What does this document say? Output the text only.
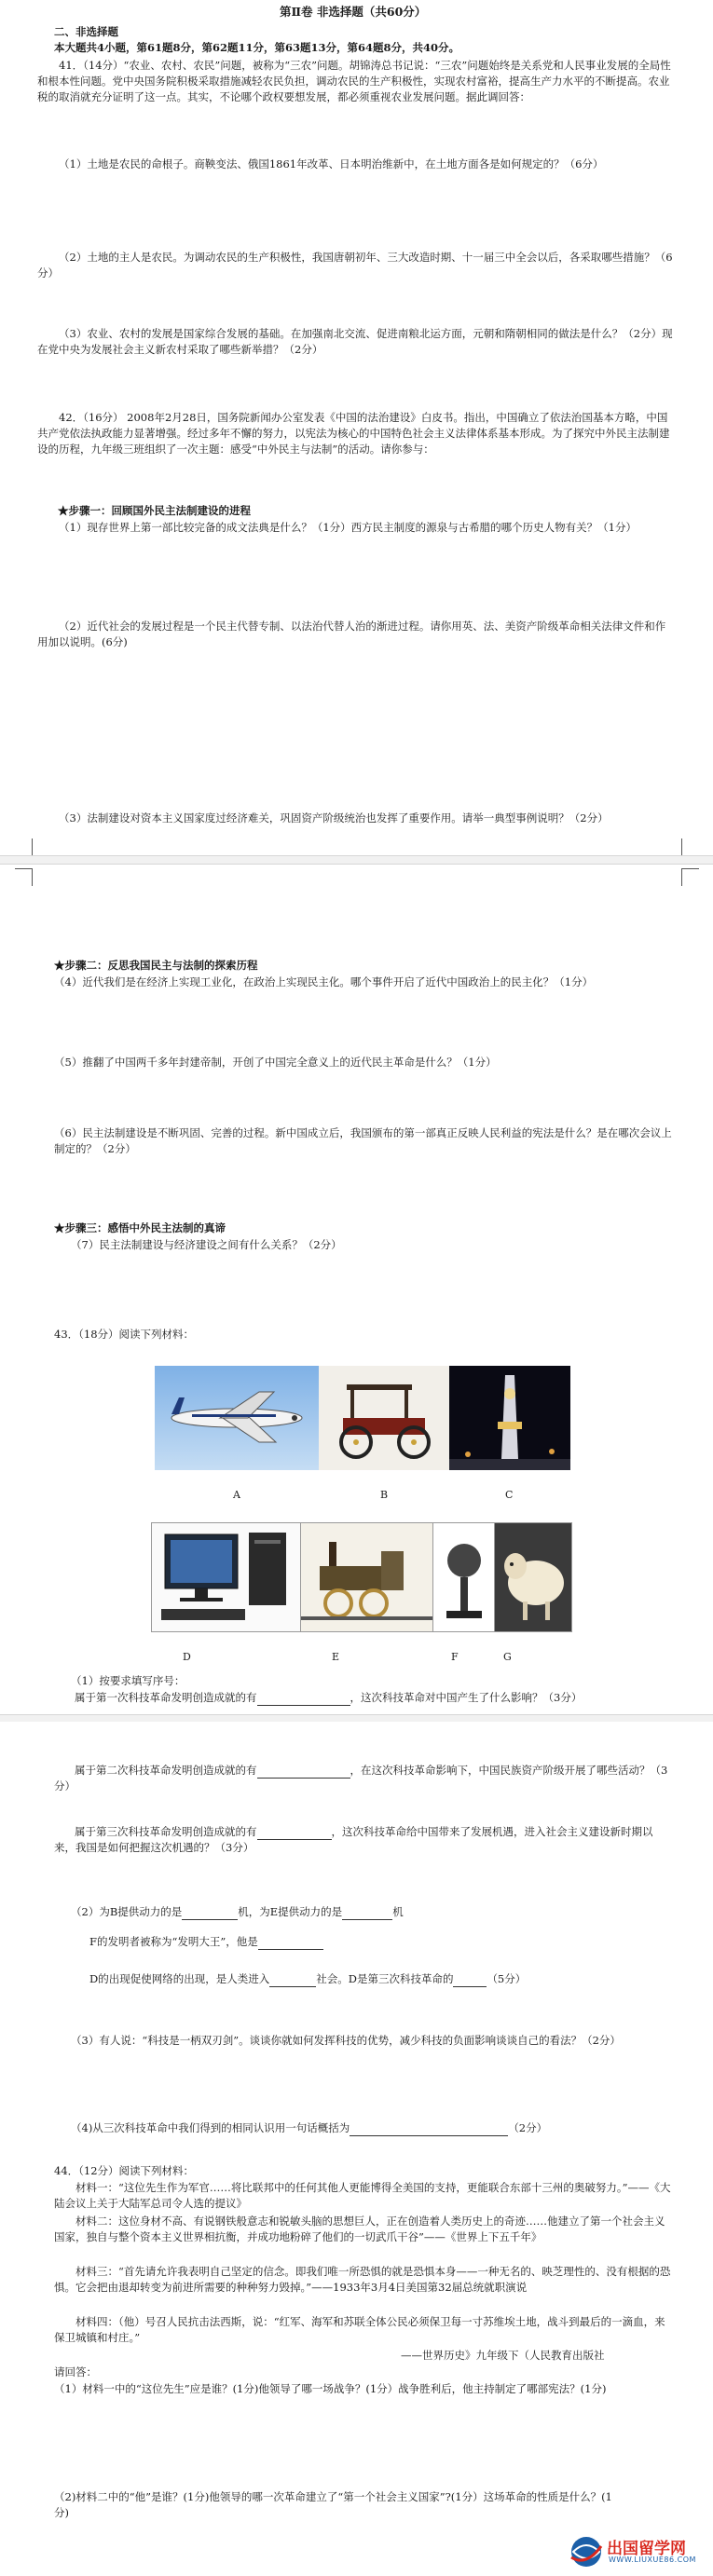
第Ⅱ卷 非选择题（共60分）
二、非选择题
本大题共4小题，第61题8分，第62题11分，第63题13分，第64题8分，共40分。
41．（14分）“农业、农村、农民”问题，被称为“三农”问题。胡锦涛总书记说：“三农”问题始终是关系党和人民事业发展的全局性和根本性问题。党中央国务院积极采取措施减轻农民负担，调动农民的生产积极性，实现农村富裕，提高生产力水平的不断提高。农业税的取消就充分证明了这一点。其实，不论哪个政权要想发展，都必须重视农业发展问题。据此调回答：
（1）土地是农民的命根子。商鞅变法、俄国1861年改革、日本明治维新中，在土地方面各是如何规定的？（6分）
（2）土地的主人是农民。为调动农民的生产积极性，我国唐朝初年、三大改造时期、十一届三中全会以后，各采取哪些措施？（6分）
（3）农业、农村的发展是国家综合发展的基础。在加强南北交流、促进南粮北运方面，元朝和隋朝相同的做法是什么？（2分）现在党中央为发展社会主义新农村采取了哪些新举措？（2分）
42．（16分） 2008年2月28日，国务院新闻办公室发表《中国的法治建设》白皮书。指出，中国确立了依法治国基本方略，中国共产党依法执政能力显著增强。经过多年不懈的努力，以宪法为核心的中国特色社会主义法律体系基本形成。为了探究中外民主法制建设的历程，九年级三班组织了一次主题：感受“中外民主与法制”的活动。请你参与：
★步骤一：回顾国外民主法制建设的进程
（1）现存世界上第一部比较完备的成文法典是什么？（1分）西方民主制度的源泉与古希腊的哪个历史人物有关？（1分）
（2）近代社会的发展过程是一个民主代替专制、以法治代替人治的渐进过程。请你用英、法、美资产阶级革命相关法律文件和作用加以说明。(6分)
（3）法制建设对资本主义国家度过经济难关，巩固资产阶级统治也发挥了重要作用。请举一典型事例说明？（2分）
★步骤二：反思我国民主与法制的探索历程
（4）近代我们是在经济上实现工业化，在政治上实现民主化。哪个事件开启了近代中国政治上的民主化？（1分）
（5）推翻了中国两千多年封建帝制，开创了中国完全意义上的近代民主革命是什么？（1分）
（6）民主法制建设是不断巩固、完善的过程。新中国成立后，我国颁布的第一部真正反映人民利益的宪法是什么？是在哪次会议上制定的？（2分）
★步骤三：感悟中外民主法制的真谛
（7）民主法制建设与经济建设之间有什么关系？（2分）
43．（18分）阅读下列材料：
A	B	C
D	E	F	G
（1）按要求填写序号：
属于第一次科技革命发明创造成就的有	，这次科技革命对中国产生了什么影响？（3分）
属于第二次科技革命发明创造成就的有	，在这次科技革命影响下，中国民族资产阶级开展了哪些活动？（3分）
属于第三次科技革命发明创造成就的有	，这次科技革命给中国带来了发展机遇，进入社会主义建设新时期以来，我国是如何把握这次机遇的？（3分）
（2）为B提供动力的是	机，为E提供动力的是	机
F的发明者被称为“发明大王”，他是
D的出现促使网络的出现，是人类进入	社会。D是第三次科技革命的	（5分）
（3）有人说：“科技是一柄双刃剑”。谈谈你就如何发挥科技的优势，减少科技的负面影响谈谈自己的看法？（2分）
（4)从三次科技革命中我们得到的相同认识用一句话概括为	（2分）
44．（12分）阅读下列材料：
材料一：“这位先生作为军官……将比联邦中的任何其他人更能博得全美国的支持，更能联合东部十三州的奥破努力。”——《大陆会议上关于大陆军总司令人选的提议》
材料二：这位身材不高、有说钢铁般意志和锐敏头脑的思想巨人，正在创造着人类历史上的奇迹……他建立了第一个社会主义国家，独自与整个资本主义世界相抗衡，并成功地粉碎了他们的一切武爪干谷”——《世界上下五千年》
材料三：“首先请允许我表明自己坚定的信念。即我们唯一所恐惧的就是恐惧本身——一种无名的、映芝理性的、没有根据的恐惧。它会把由退却转变为前进所需要的种种努力毁掉。”——1933年3月4日美国第32届总统就职演说
材料四：（他）号召人民抗击法西斯，说：“红军、海军和苏联全体公民必须保卫每一寸苏维埃土地，战斗到最后的一滴血，来保卫城镇和村庄。”
——世界历史》九年级下（人民教育出版社
请回答：
（1）材料一中的“这位先生”应是谁？(1分)他领导了哪一场战争？(1分）战争胜利后，他主持制定了哪部宪法？(1分)
（2)材料二中的“他”是谁？(1分)他领导的哪一次革命建立了“第一个社会主义国家”?(1分）这场革命的性质是什么？(1分)
出国留学网
WWW.LIUXUE86.COM
